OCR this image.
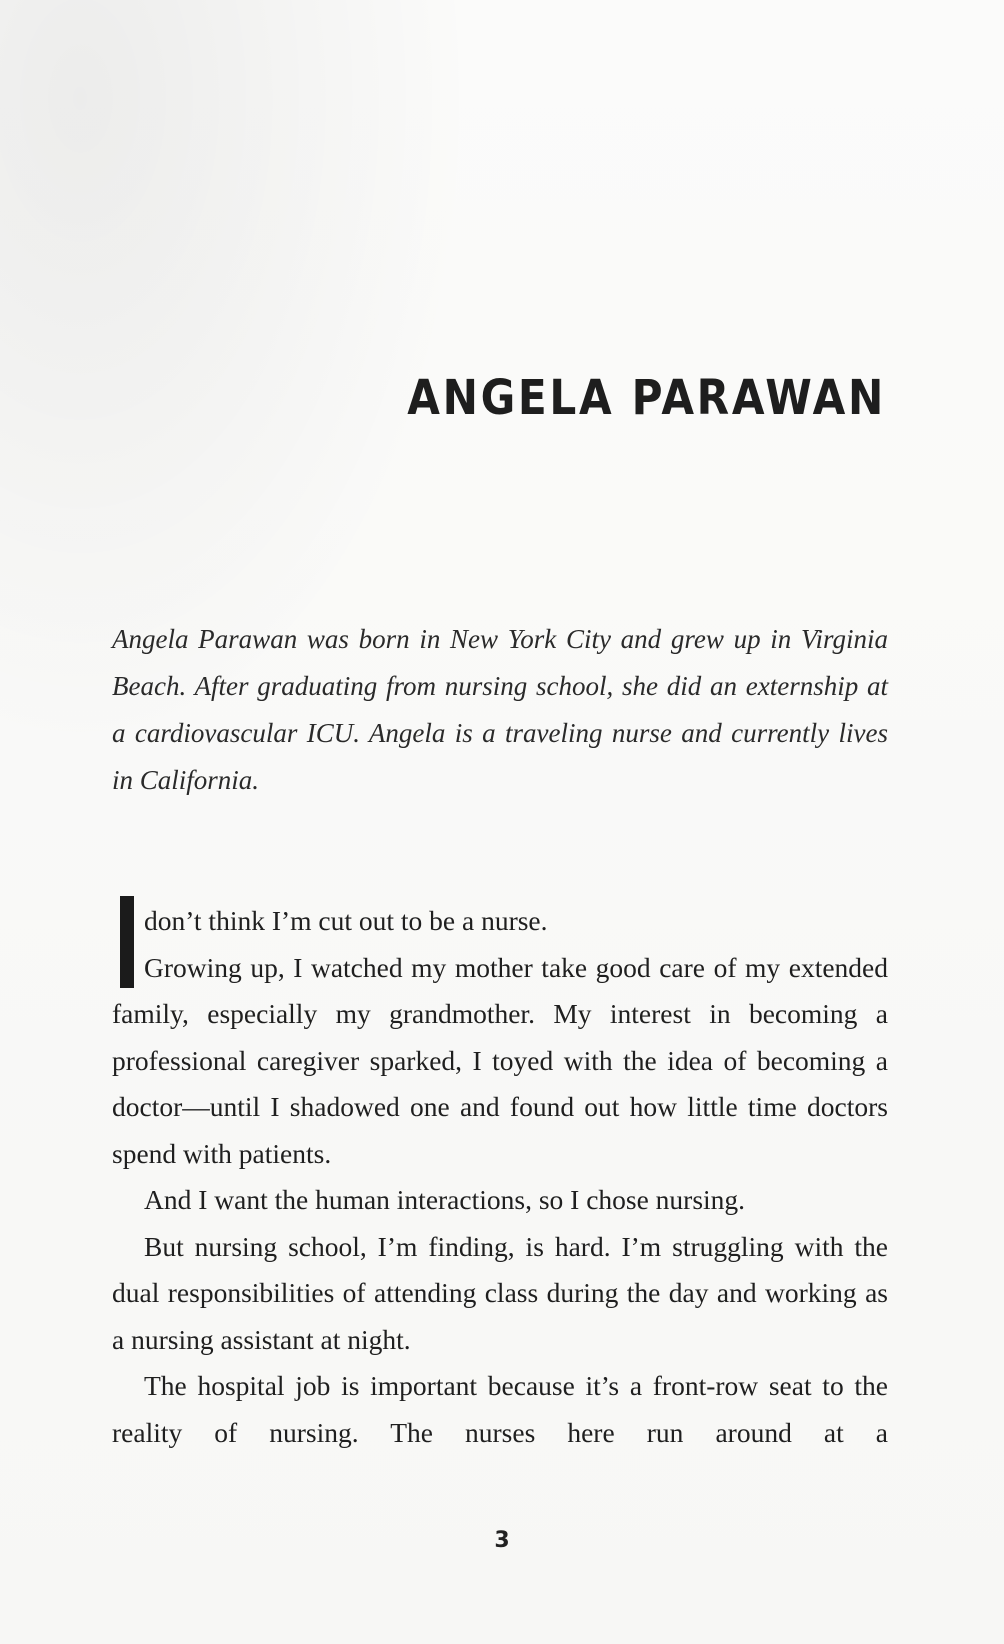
ANGELA PARAWAN

Angela Parawan was born in New York City and grew up in Virginia Beach. After graduating from nursing school, she did an externship at a cardiovascular ICU. Angela is a traveling nurse and currently lives in California.

don’t think I’m cut out to be a nurse.

Growing up, I watched my mother take good care of my extended family, especially my grandmother. My interest in becoming a professional caregiver sparked, I toyed with the idea of becoming a doctor—until I shadowed one and found out how little time doctors spend with patients.

And I want the human interactions, so I chose nursing.

But nursing school, I’m finding, is hard. I’m struggling with the dual responsibilities of attending class during the day and working as a nursing assistant at night.

The hospital job is important because it’s a front-row seat to the reality of nursing. The nurses here run around at a

3
